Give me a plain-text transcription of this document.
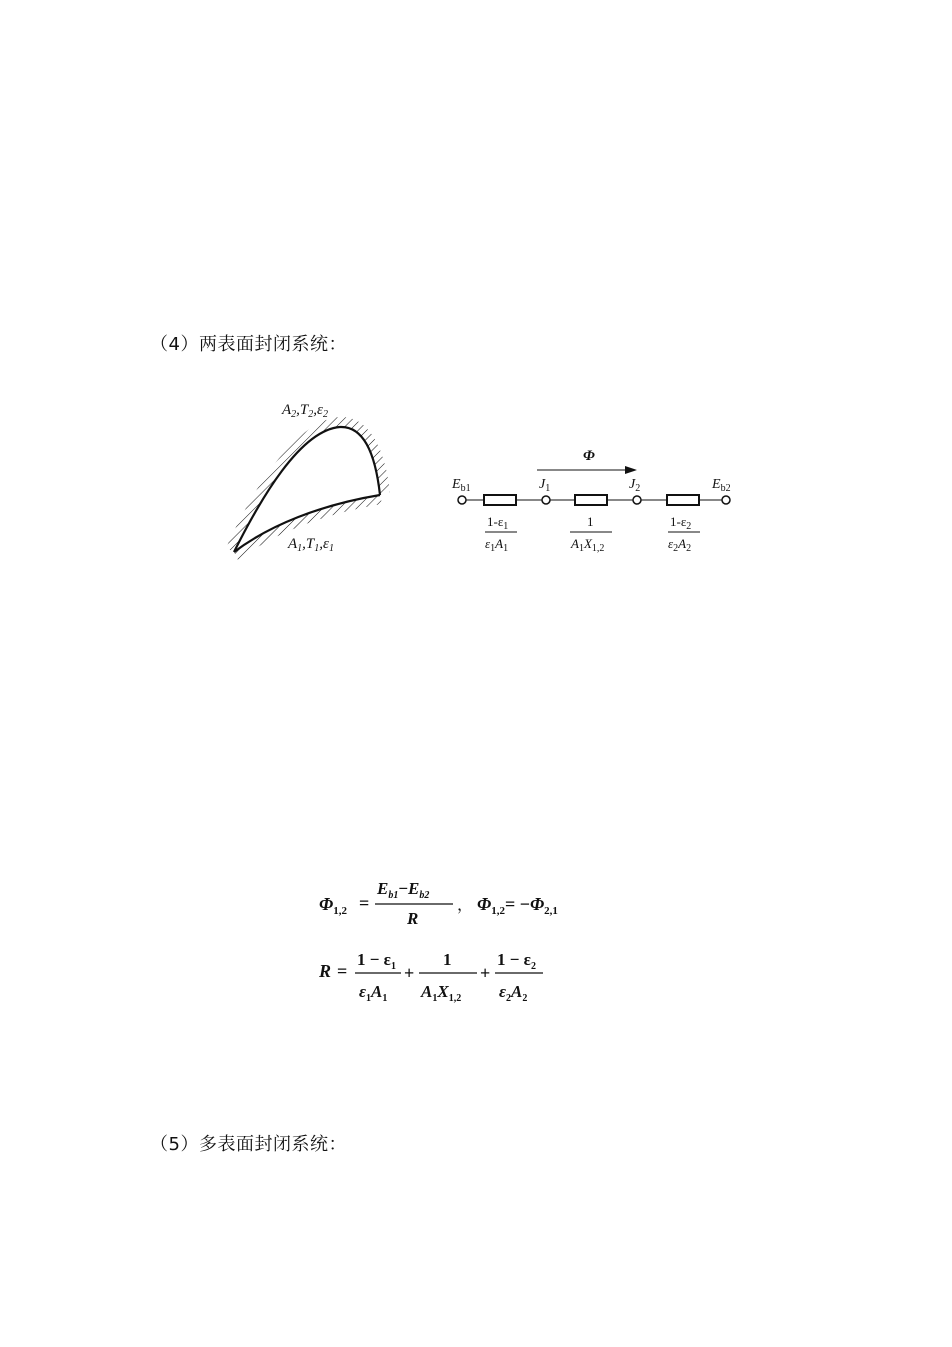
（4）两表面封闭系统：
$A_2,T_2,\varepsilon_2$
$A_1,T_1,\varepsilon_1$
Φ
$E_{b1}$	$J_1$	$J_2$	$E_{b2}$
$1-\varepsilon_1$
$\varepsilon_1A_1$
1
$A_1X_{1,2}$
$1-\varepsilon_2$
$\varepsilon_2A_2$
$\Phi_{1,2}$ =
$E_{b1}-E_{b2}$
R
， $\Phi_{1,2}= -\Phi_{2,1}$
R =
$1 - \varepsilon_1$
$\varepsilon_1A_1$
+
1
$A_1X_{1,2}$
+
$1 - \varepsilon_2$
$\varepsilon_2A_2$
（5）多表面封闭系统：
